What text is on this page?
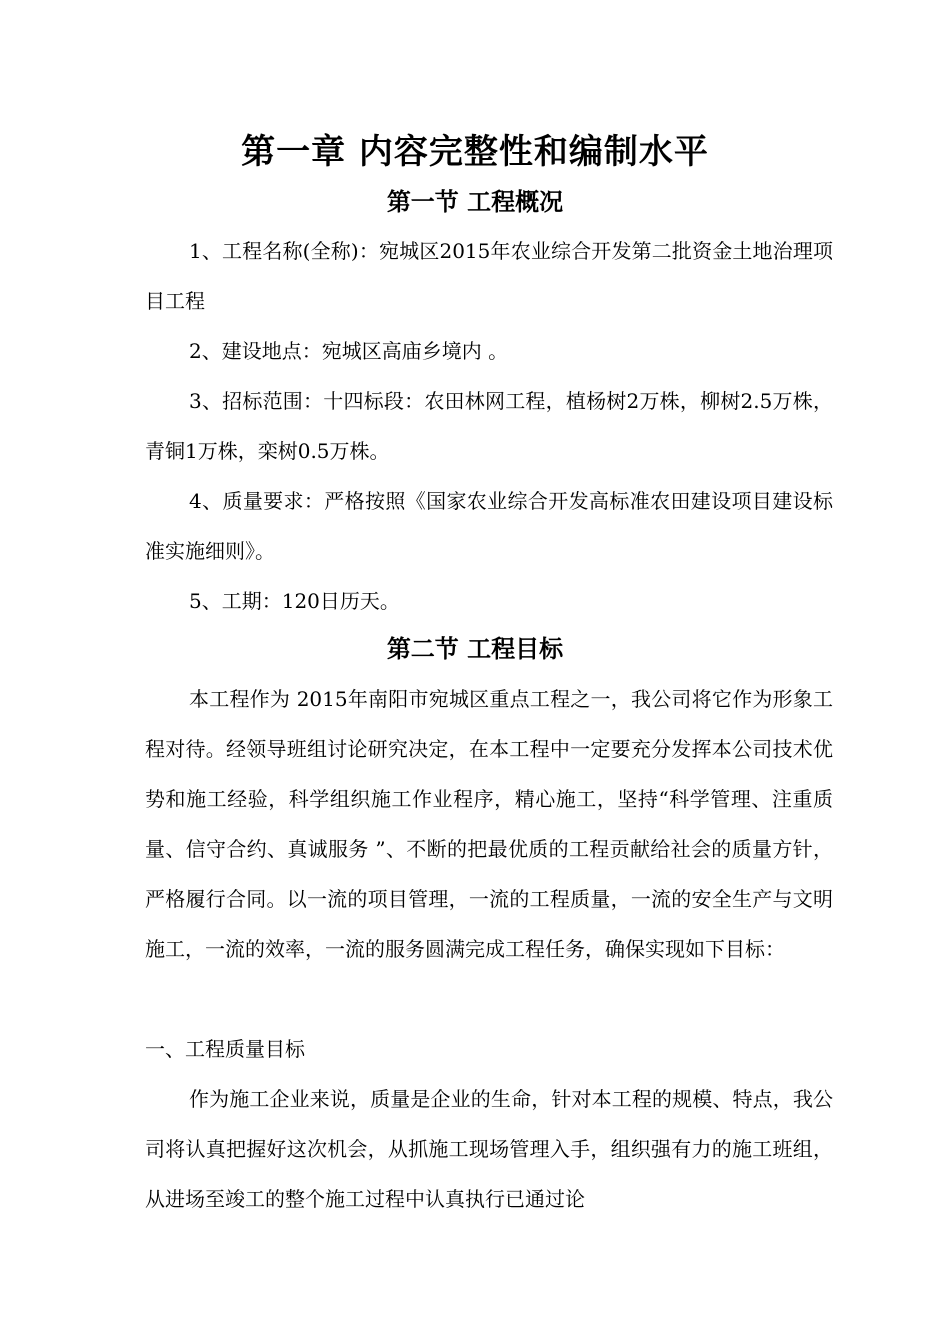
第一章 内容完整性和编制水平
第一节 工程概况

1、工程名称(全称)：宛城区2015年农业综合开发第二批资金土地治理项目工程

2、建设地点：宛城区高庙乡境内 。

3、招标范围：十四标段：农田林网工程，植杨树2万株，柳树2.5万株，青铜1万株，栾树0.5万株。

4、质量要求：严格按照《国家农业综合开发高标准农田建设项目建设标准实施细则》。

5、工期：120日历天。

第二节 工程目标

本工程作为 2015年南阳市宛城区重点工程之一，我公司将它作为形象工程对待。经领导班组讨论研究决定，在本工程中一定要充分发挥本公司技术优势和施工经验，科学组织施工作业程序，精心施工，坚持“科学管理、注重质量、信守合约、真诚服务 ”、不断的把最优质的工程贡献给社会的质量方针，严格履行合同。以一流的项目管理，一流的工程质量，一流的安全生产与文明施工，一流的效率，一流的服务圆满完成工程任务，确保实现如下目标：

一、工程质量目标

作为施工企业来说，质量是企业的生命，针对本工程的规模、特点，我公司将认真把握好这次机会，从抓施工现场管理入手，组织强有力的施工班组，从进场至竣工的整个施工过程中认真执行已通过论
